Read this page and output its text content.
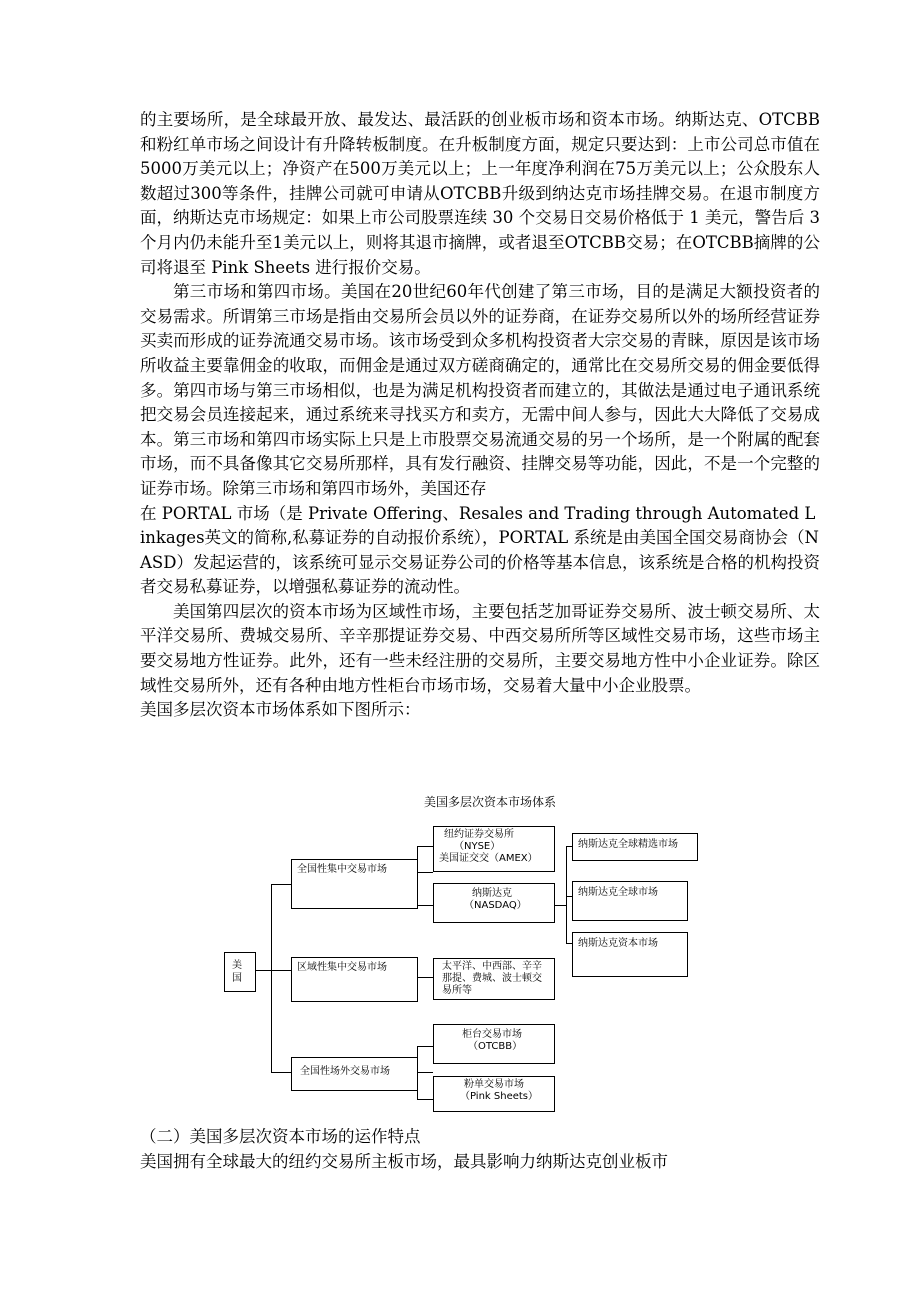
的主要场所，是全球最开放、最发达、最活跃的创业板市场和资本市场。纳斯达克、OTCBB 和粉红单市场之间设计有升降转板制度。在升板制度方面，规定只要达到：上市公司总市值在5000万美元以上；净资产在500万美元以上；上一年度净利润在75万美元以上；公众股东人数超过300等条件，挂牌公司就可申请从OTCBB升级到纳达克市场挂牌交易。在退市制度方面，纳斯达克市场规定：如果上市公司股票连续 30 个交易日交易价格低于 1 美元，警告后 3 个月内仍未能升至1美元以上，则将其退市摘牌，或者退至OTCBB交易；在OTCBB摘牌的公司将退至 Pink Sheets 进行报价交易。

第三市场和第四市场。美国在20世纪60年代创建了第三市场，目的是满足大额投资者的交易需求。所谓第三市场是指由交易所会员以外的证券商，在证券交易所以外的场所经营证券买卖而形成的证券流通交易市场。该市场受到众多机构投资者大宗交易的青睐，原因是该市场所收益主要靠佣金的收取，而佣金是通过双方磋商确定的，通常比在交易所交易的佣金要低得多。第四市场与第三市场相似，也是为满足机构投资者而建立的，其做法是通过电子通讯系统把交易会员连接起来，通过系统来寻找买方和卖方，无需中间人参与，因此大大降低了交易成本。第三市场和第四市场实际上只是上市股票交易流通交易的另一个场所，是一个附属的配套市场，而不具备像其它交易所那样，具有发行融资、挂牌交易等功能，因此，不是一个完整的证券市场。除第三市场和第四市场外，美国还存

在 PORTAL 市场（是 Private Offering、Resales and Trading through Automated Linkages英文的简称,私募证券的自动报价系统），PORTAL 系统是由美国全国交易商协会（NASD）发起运营的，该系统可显示交易证券公司的价格等基本信息，该系统是合格的机构投资者交易私募证券，以增强私募证券的流动性。

美国第四层次的资本市场为区域性市场，主要包括芝加哥证券交易所、波士顿交易所、太平洋交易所、费城交易所、辛辛那提证券交易、中西交易所所等区域性交易市场，这些市场主要交易地方性证券。此外，还有一些未经注册的交易所，主要交易地方性中小企业证券。除区域性交易所外，还有各种由地方性柜台市场市场，交易着大量中小企业股票。

美国多层次资本市场体系如下图所示：

美国多层次资本市场体系
美国
全国性集中交易市场
区域性集中交易市场
全国性场外交易市场
纽约证券交易所
（NYSE）
美国证交交（AMEX）
纳斯达克
（NASDAQ）
太平洋、中西部、辛辛
那提、费城、波士顿交
易所等
柜台交易市场
（OTCBB）
粉单交易市场
（Pink Sheets）
纳斯达克全球精选市场
纳斯达克全球市场
纳斯达克资本市场

（二）美国多层次资本市场的运作特点

美国拥有全球最大的纽约交易所主板市场，最具影响力纳斯达克创业板市
